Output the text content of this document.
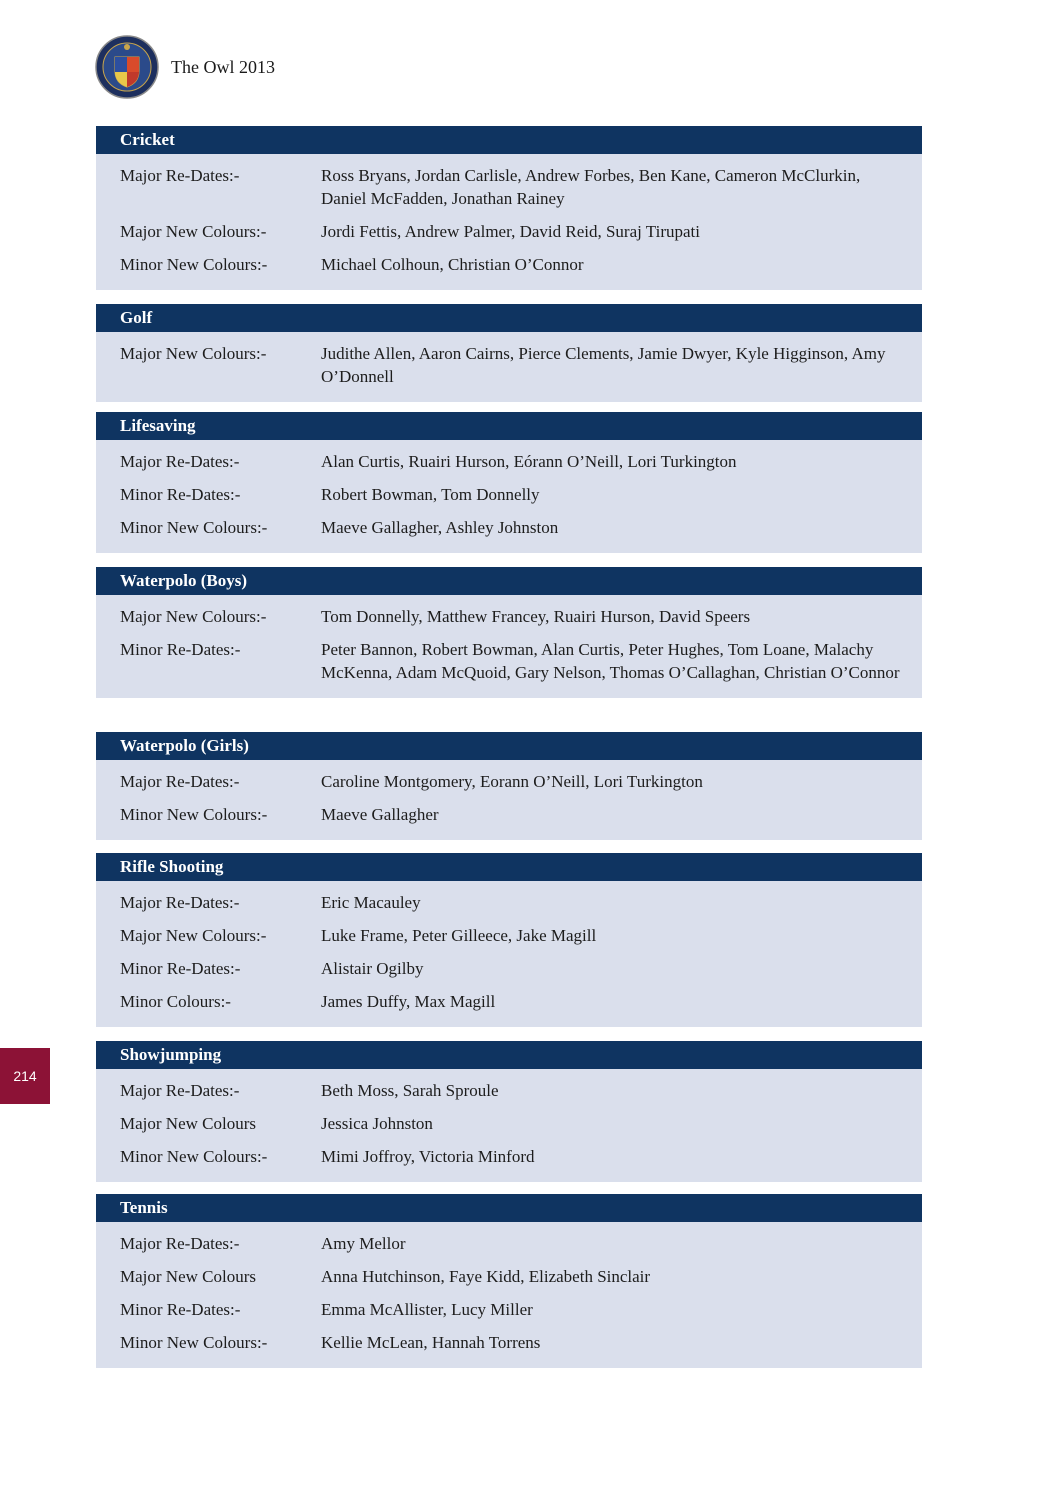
The Owl 2013
214
Cricket
Major Re-Dates:-	Ross Bryans, Jordan Carlisle, Andrew Forbes, Ben Kane, Cameron McClurkin, Daniel McFadden, Jonathan Rainey
Major New Colours:-	Jordi Fettis, Andrew Palmer, David Reid, Suraj Tirupati
Minor New Colours:-	Michael Colhoun, Christian O’Connor
Golf
Major New Colours:-	Judithe Allen, Aaron Cairns, Pierce Clements, Jamie Dwyer, Kyle Higginson, Amy O’Donnell
Lifesaving
Major Re-Dates:-	Alan Curtis, Ruairi Hurson, Eórann O’Neill, Lori Turkington
Minor Re-Dates:-	Robert Bowman, Tom Donnelly
Minor New Colours:-	Maeve Gallagher, Ashley Johnston
Waterpolo (Boys)
Major New Colours:-	Tom Donnelly, Matthew Francey, Ruairi Hurson, David Speers
Minor Re-Dates:-	Peter Bannon, Robert Bowman, Alan Curtis, Peter Hughes, Tom Loane, Malachy McKenna, Adam McQuoid, Gary Nelson, Thomas O’Callaghan, Christian O’Connor
Waterpolo (Girls)
Major Re-Dates:-	Caroline Montgomery, Eorann O’Neill, Lori Turkington
Minor New Colours:-	Maeve Gallagher
Rifle Shooting
Major Re-Dates:-	Eric Macauley
Major New Colours:-	Luke Frame, Peter Gilleece, Jake Magill
Minor Re-Dates:-	Alistair Ogilby
Minor Colours:-	James Duffy, Max Magill
Showjumping
Major Re-Dates:-	Beth Moss, Sarah Sproule
Major New Colours	Jessica Johnston
Minor New Colours:-	Mimi Joffroy, Victoria Minford
Tennis
Major Re-Dates:-	Amy Mellor
Major New Colours	Anna Hutchinson, Faye Kidd, Elizabeth Sinclair
Minor Re-Dates:-	Emma McAllister, Lucy Miller
Minor New Colours:-	Kellie McLean, Hannah Torrens
